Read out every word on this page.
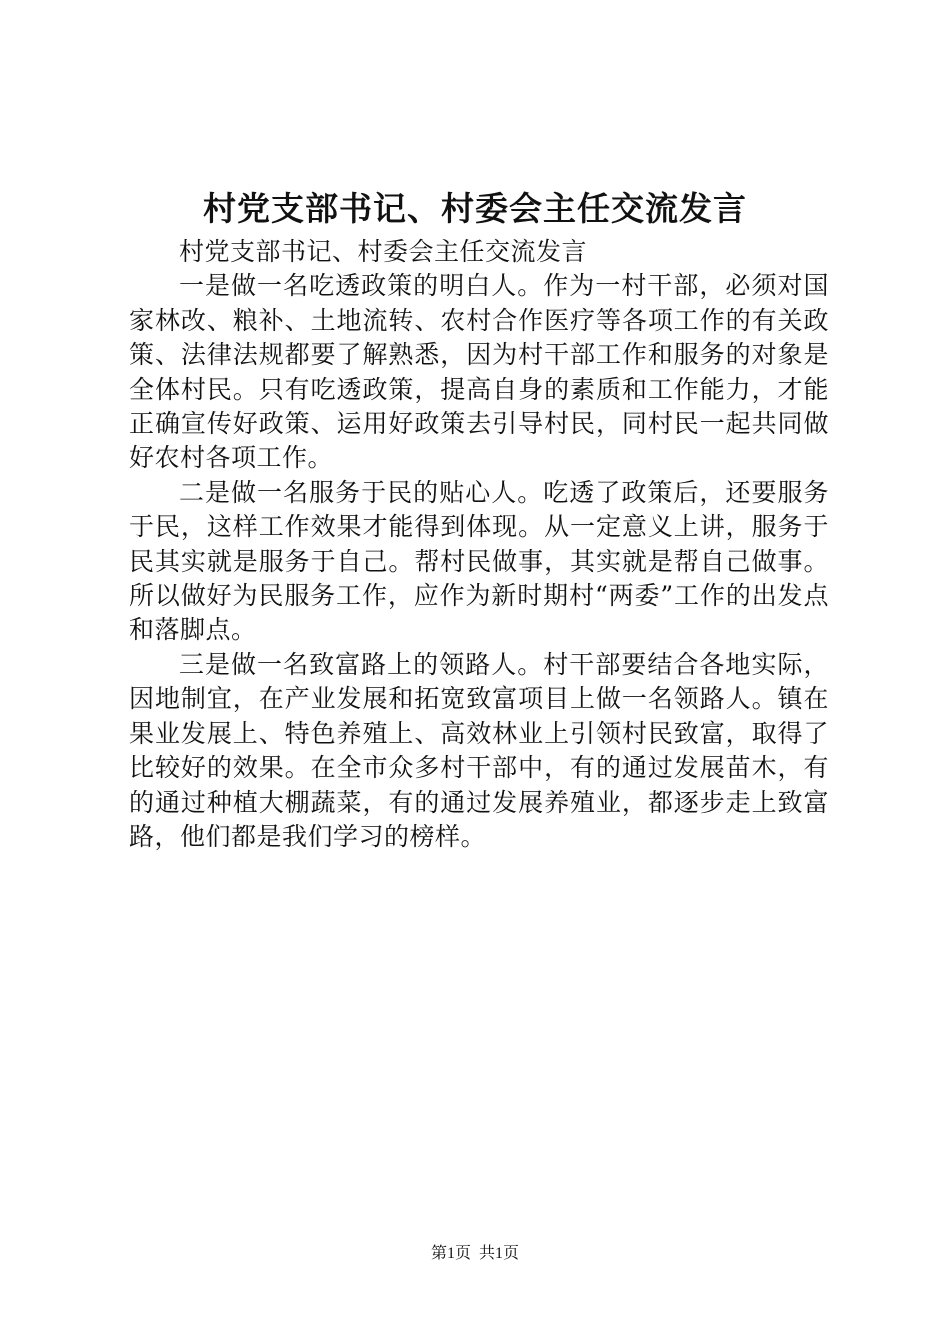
村党支部书记、村委会主任交流发言

村党支部书记、村委会主任交流发言

一是做一名吃透政策的明白人。作为一村干部，必须对国家林改、粮补、土地流转、农村合作医疗等各项工作的有关政策、法律法规都要了解熟悉，因为村干部工作和服务的对象是全体村民。只有吃透政策，提高自身的素质和工作能力，才能正确宣传好政策、运用好政策去引导村民，同村民一起共同做好农村各项工作。

二是做一名服务于民的贴心人。吃透了政策后，还要服务于民，这样工作效果才能得到体现。从一定意义上讲，服务于民其实就是服务于自己。帮村民做事，其实就是帮自己做事。所以做好为民服务工作，应作为新时期村“两委”工作的出发点和落脚点。

三是做一名致富路上的领路人。村干部要结合各地实际，因地制宜，在产业发展和拓宽致富项目上做一名领路人。镇在果业发展上、特色养殖上、高效林业上引领村民致富，取得了比较好的效果。在全市众多村干部中，有的通过发展苗木，有的通过种植大棚蔬菜，有的通过发展养殖业，都逐步走上致富路，他们都是我们学习的榜样。

第1页 共1页
